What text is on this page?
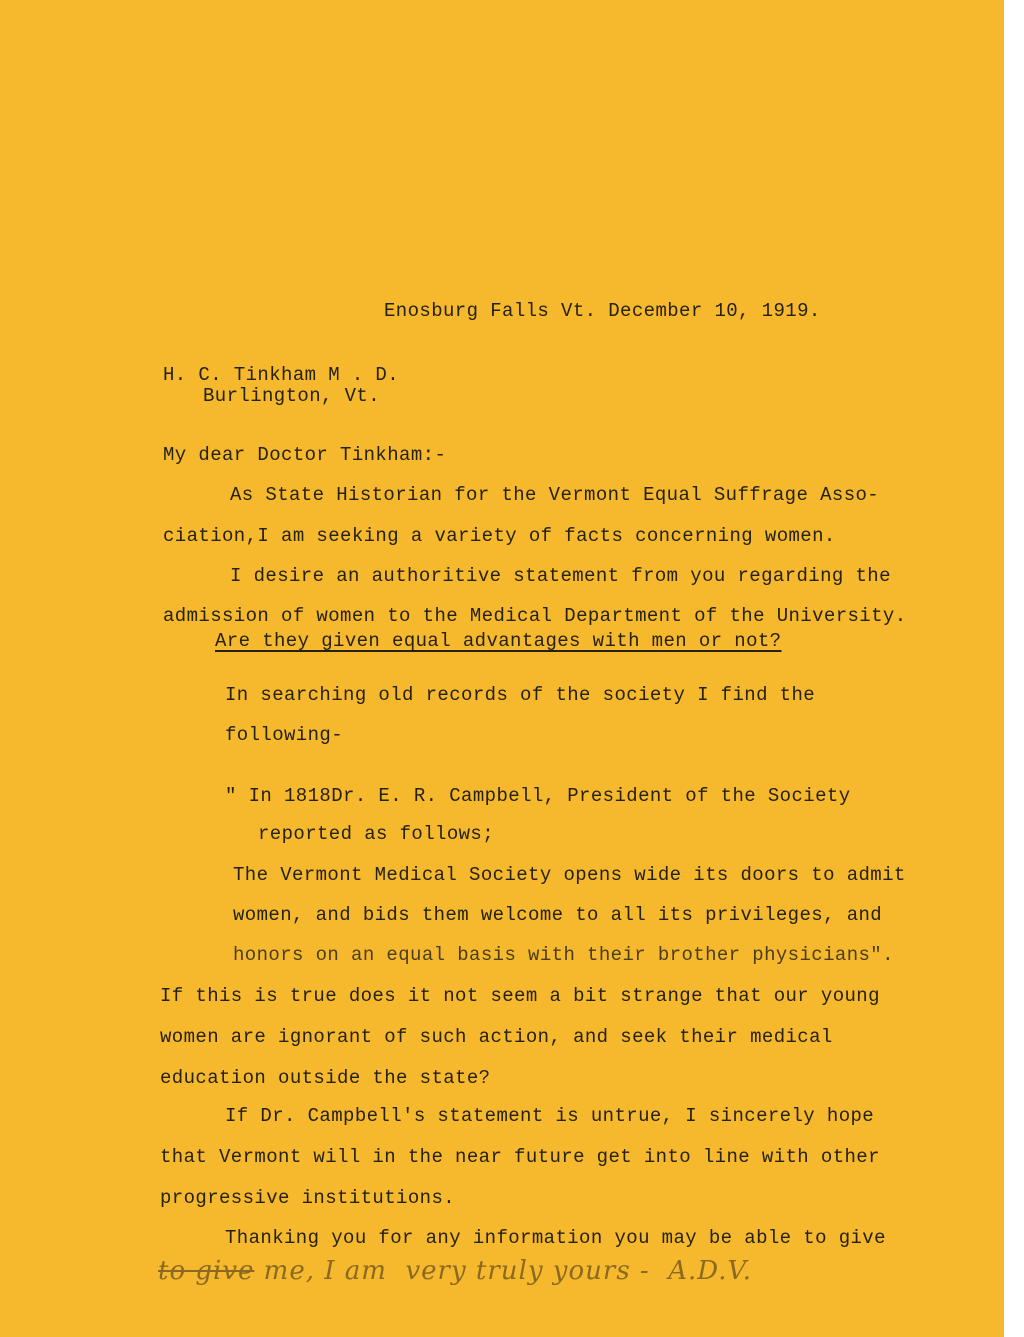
Enosburg Falls Vt. December 10, 1919.
H. C. Tinkham M . D.
Burlington, Vt.
My dear Doctor Tinkham:-
As State Historian for the Vermont Equal Suffrage Asso-
ciation,I am seeking a variety of facts concerning women.
I desire an authoritive statement from you regarding the
admission of women to the Medical Department of the University.
Are they given equal advantages with men or not?
In searching old records of the society I find the
following-
" In 1818Dr. E. R. Campbell, President of the Society
reported as follows;
The Vermont Medical Society opens wide its doors to admit
women, and bids them welcome to all its privileges, and
honors on an equal basis with their brother physicians".
If this is true does it not seem a bit strange that our young
women are ignorant of such action, and seek their medical
education outside the state?
If Dr. Campbell's statement is untrue, I sincerely hope
that Vermont will in the near future get into line with other
progressive institutions.
Thanking you for any information you may be able to give
to give me, I am  very truly yours -  A.D.V.
